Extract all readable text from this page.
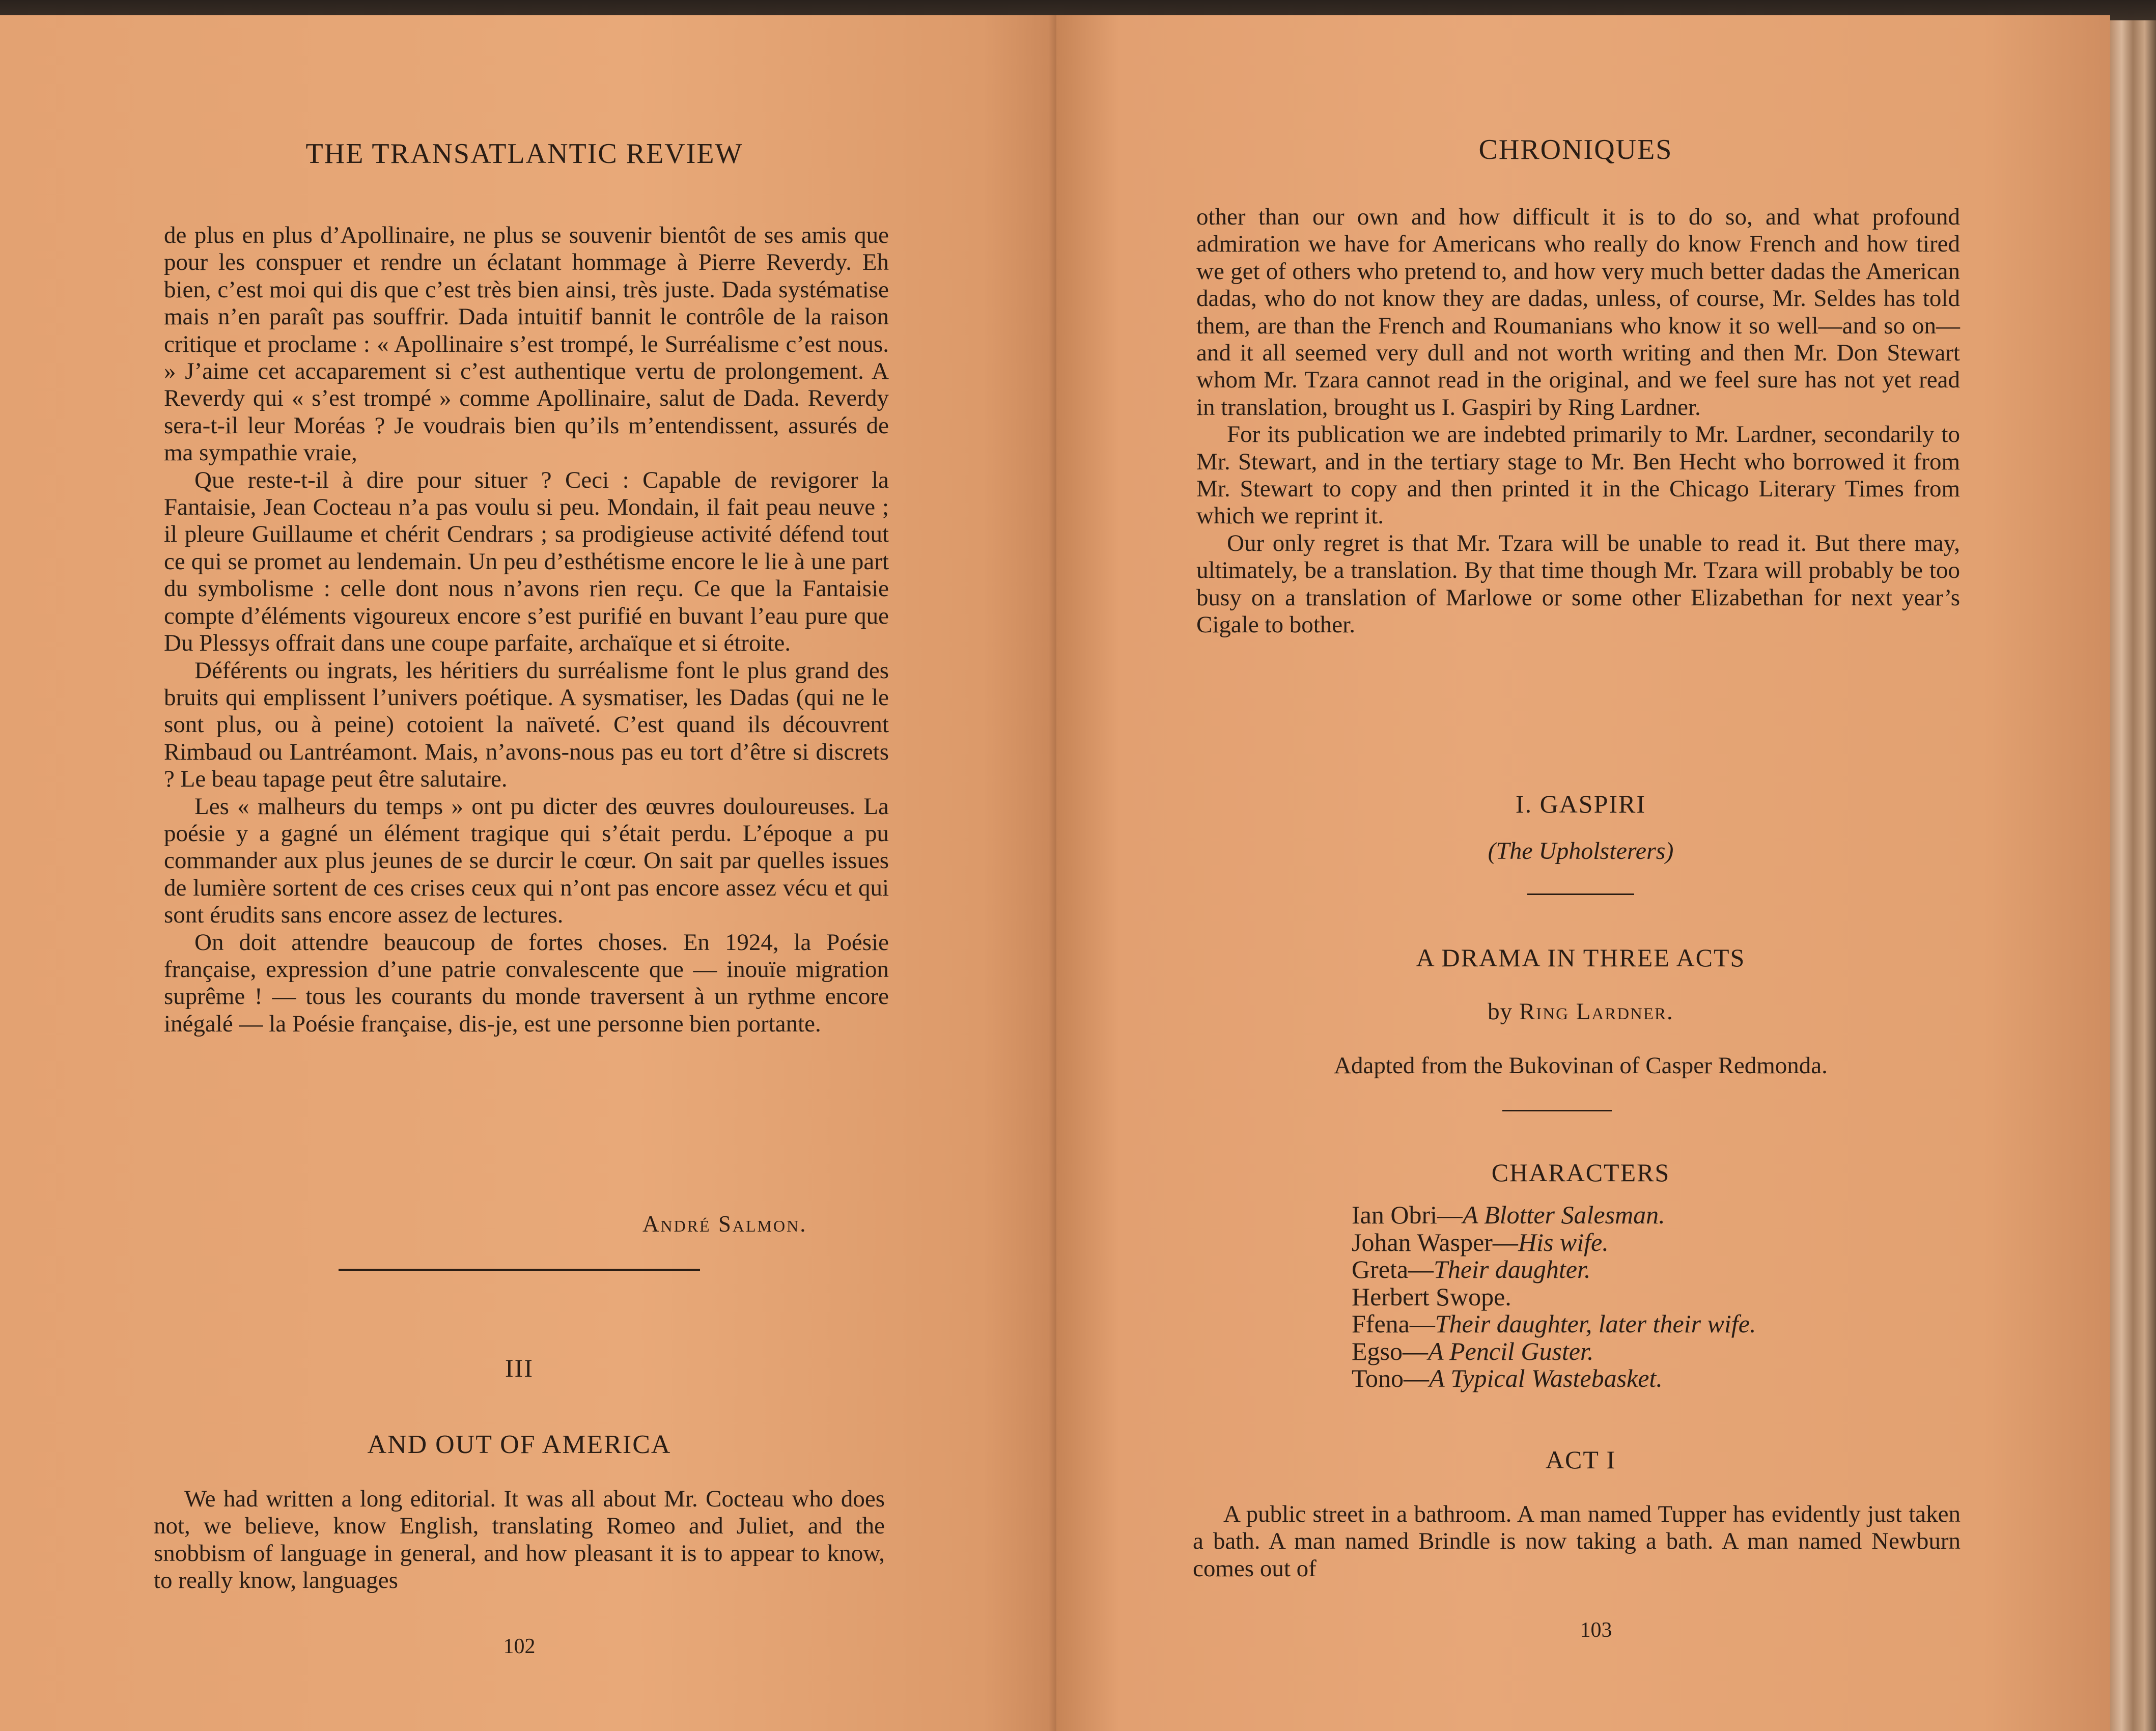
THE TRANSATLANTIC REVIEW

de plus en plus d’Apollinaire, ne plus se souvenir bientôt de ses amis que pour les conspuer et rendre un éclatant hommage à Pierre Reverdy. Eh bien, c’est moi qui dis que c’est très bien ainsi, très juste. Dada systématise mais n’en paraît pas souffrir. Dada intuitif bannit le contrôle de la raison critique et proclame : « Apollinaire s’est trompé, le Surréalisme c’est nous. » J’aime cet accaparement si c’est authentique vertu de prolongement. A Reverdy qui « s’est trompé » comme Apollinaire, salut de Dada. Reverdy sera-t-il leur Moréas ? Je voudrais bien qu’ils m’entendissent, assurés de ma sympathie vraie,

Que reste-t-il à dire pour situer ? Ceci : Capable de revigorer la Fantaisie, Jean Cocteau n’a pas voulu si peu. Mondain, il fait peau neuve ; il pleure Guillaume et chérit Cendrars ; sa prodigieuse activité défend tout ce qui se promet au lendemain. Un peu d’esthétisme encore le lie à une part du symbolisme : celle dont nous n’avons rien reçu. Ce que la Fantaisie compte d’éléments vigoureux encore s’est purifié en buvant l’eau pure que Du Plessys offrait dans une coupe parfaite, archaïque et si étroite.

Déférents ou ingrats, les héritiers du surréalisme font le plus grand des bruits qui emplissent l’univers poétique. A sysmatiser, les Dadas (qui ne le sont plus, ou à peine) cotoient la naïveté. C’est quand ils découvrent Rimbaud ou Lantréamont. Mais, n’avons-nous pas eu tort d’être si discrets ? Le beau tapage peut être salutaire.

Les « malheurs du temps » ont pu dicter des œuvres douloureuses. La poésie y a gagné un élément tragique qui s’était perdu. L’époque a pu commander aux plus jeunes de se durcir le cœur. On sait par quelles issues de lumière sortent de ces crises ceux qui n’ont pas encore assez vécu et qui sont érudits sans encore assez de lectures.

On doit attendre beaucoup de fortes choses. En 1924, la Poésie française, expression d’une patrie convalescente que — inouïe migration suprême ! — tous les courants du monde traversent à un rythme encore inégalé — la Poésie française, dis-je, est une personne bien portante.

André Salmon.
III
AND OUT OF AMERICA

We had written a long editorial. It was all about Mr. Cocteau who does not, we believe, know English, translating Romeo and Juliet, and the snobbism of language in general, and how pleasant it is to appear to know, to really know, languages

102
CHRONIQUES

other than our own and how difficult it is to do so, and what profound admiration we have for Americans who really do know French and how tired we get of others who pretend to, and how very much better dadas the American dadas, who do not know they are dadas, unless, of course, Mr. Seldes has told them, are than the French and Roumanians who know it so well—and so on—and it all seemed very dull and not worth writing and then Mr. Don Stewart whom Mr. Tzara cannot read in the original, and we feel sure has not yet read in translation, brought us I. Gaspiri by Ring Lardner.

For its publication we are indebted primarily to Mr. Lardner, secondarily to Mr. Stewart, and in the tertiary stage to Mr. Ben Hecht who borrowed it from Mr. Stewart to copy and then printed it in the Chicago Literary Times from which we reprint it.

Our only regret is that Mr. Tzara will be unable to read it. But there may, ultimately, be a translation. By that time though Mr. Tzara will probably be too busy on a translation of Marlowe or some other Elizabethan for next year’s Cigale to bother.

I. GASPIRI
(The Upholsterers)
A DRAMA IN THREE ACTS
by Ring Lardner.
Adapted from the Bukovinan of Casper Redmonda.
CHARACTERS
Ian Obri—A Blotter Salesman.
Johan Wasper—His wife.
Greta—Their daughter.
Herbert Swope.
Ffena—Their daughter, later their wife.
Egso—A Pencil Guster.
Tono—A Typical Wastebasket.
ACT I

A public street in a bathroom. A man named Tupper has evidently just taken a bath. A man named Brindle is now taking a bath. A man named Newburn comes out of

103
